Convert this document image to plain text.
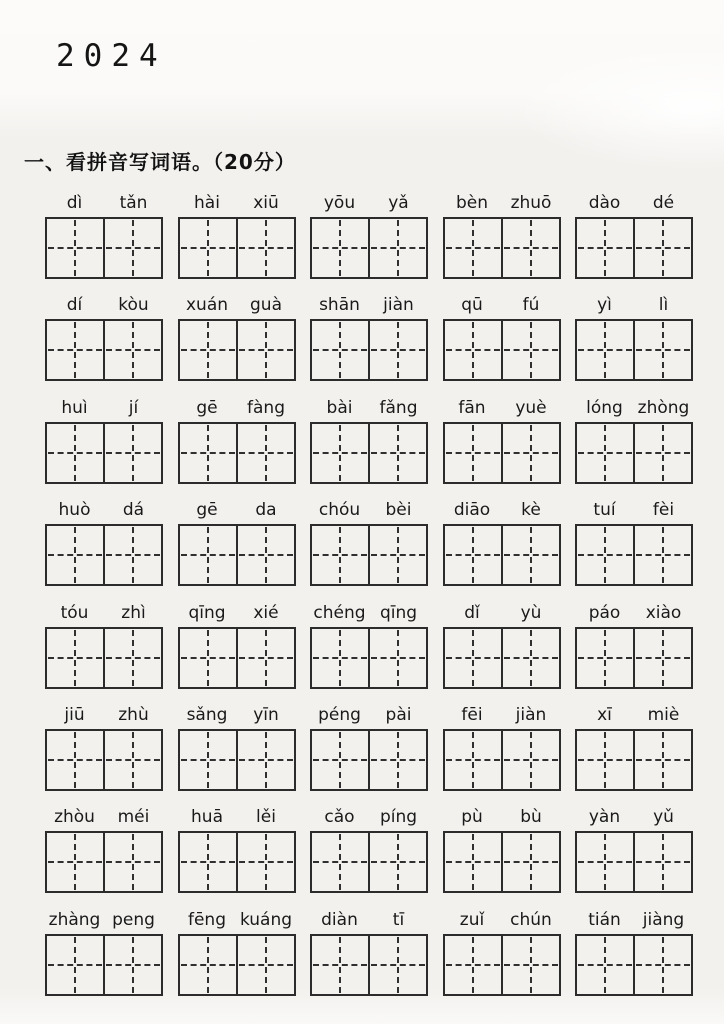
2024
一、看拼音写词语。（20分）
dì	tǎn	hài	xiū	yōu	yǎ	bèn	zhuō	dào	dé
dí	kòu	xuán	guà	shān	jiàn	qū	fú	yì	lì
huì	jí	gē	fàng	bài	fǎng	fān	yuè	lóng zhòng
huò	dá	gē	da	chóu	bèi	diāo	kè	tuí	fèi
tóu	zhì	qīng	xié	chéng qīng	dǐ	yù	páo	xiào
jiū	zhù	sǎng	yīn	péng	pài	fēi	jiàn	xī	miè
zhòu	méi	huā	lěi	cǎo	píng	pù	bù	yàn	yǔ
zhàng peng	fēng kuáng	diàn	tī	zuǐ	chún	tián	jiàng
